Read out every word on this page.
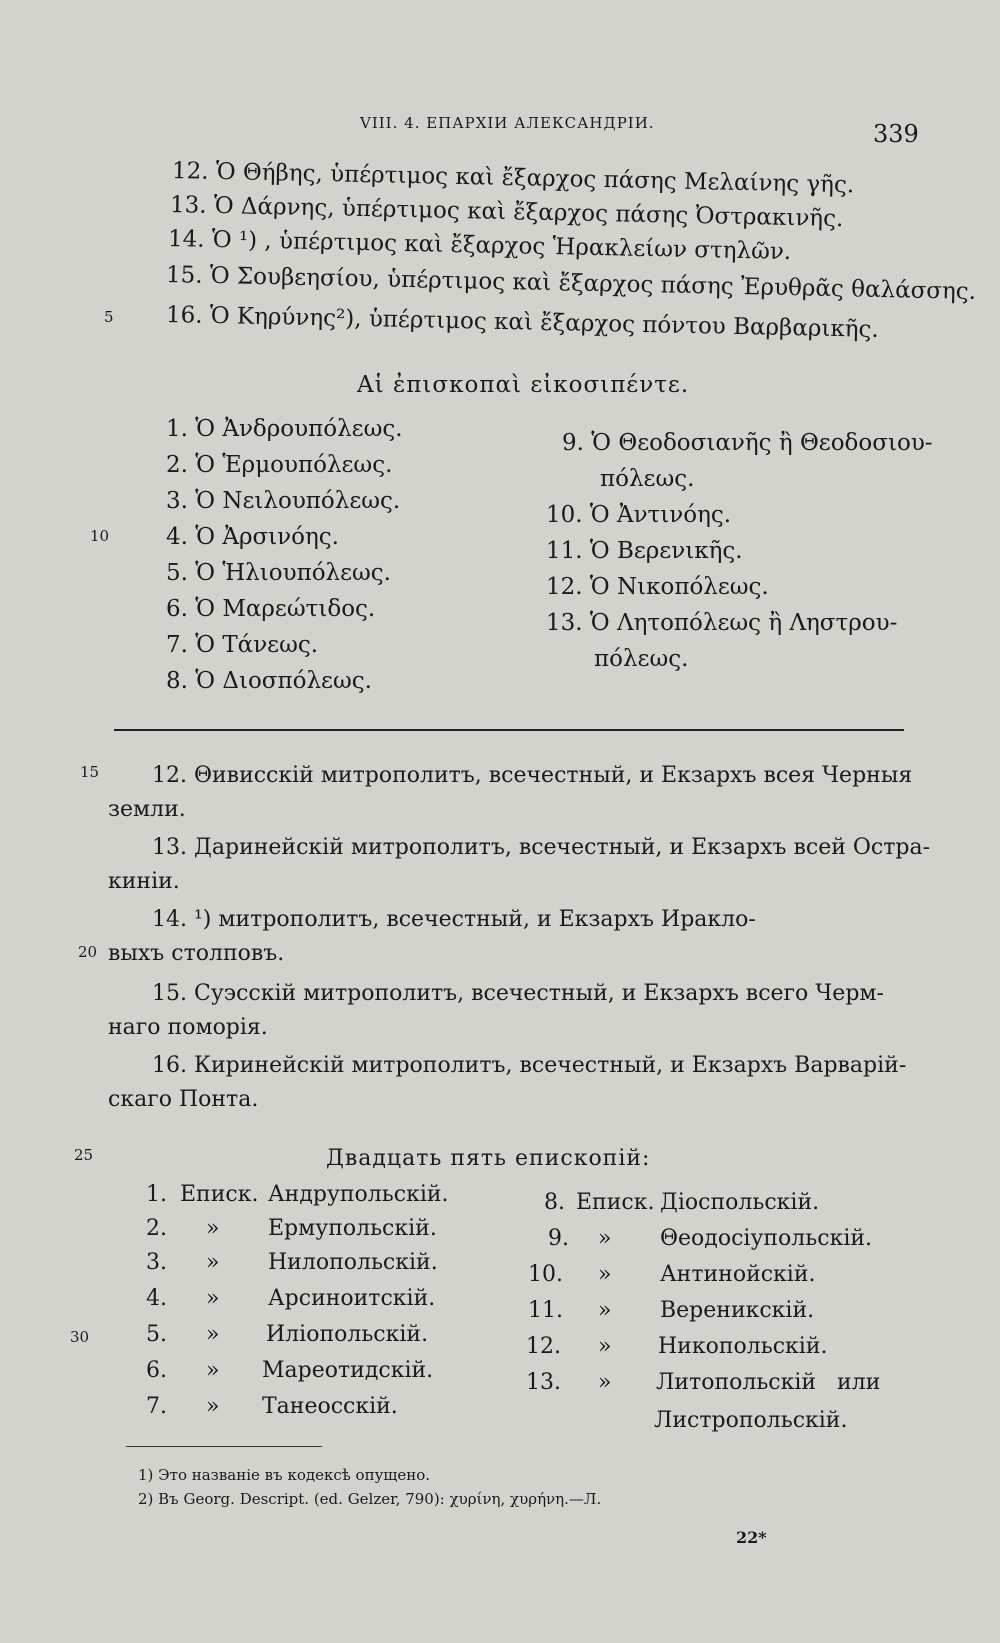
VIII. 4. ЕПАРХІИ АЛЕКСАНДРІИ.	339
5
10
15
20
25
30
12. Ὁ Θήβης, ὑπέρτιμος καὶ ἔξαρχος πάσης Μελαίνης γῆς.
13. Ὁ Δάρνης, ὑπέρτιμος καὶ ἔξαρχος πάσης Ὀστρακινῆς.
14. Ὁ ¹) , ὑπέρτιμος καὶ ἔξαρχος Ἡρακλείων στηλῶν.
15. Ὁ Σουβεησίου, ὑπέρτιμος καὶ ἔξαρχος πάσης Ἐρυθρᾶς θαλάσσης.
16. Ὁ Κηρύνης²), ὑπέρτιμος καὶ ἔξαρχος πόντου Βαρβαρικῆς.
Αἱ ἐπισκοπαὶ εἰκοσιπέντε.
1. Ὁ Ἀνδρουπόλεως.
2. Ὁ Ἑρμουπόλεως.
3. Ὁ Νειλουπόλεως.
4. Ὁ Ἀρσινόης.
5. Ὁ Ἡλιουπόλεως.
6. Ὁ Μαρεώτιδος.
7. Ὁ Τάνεως.
8. Ὁ Διοσπόλεως.
9. Ὁ Θεοδοσιανῆς ἢ Θεοδοσιου-
πόλεως.
10. Ὁ Ἀντινόης.
11. Ὁ Βερενικῆς.
12. Ὁ Νικοπόλεως.
13. Ὁ Λητοπόλεως ἢ Ληστρου-
πόλεως.
12. Θивисскій митрополитъ, всечестный, и Екзархъ всея Черныя
земли.
13. Даринейскій митрополитъ, всечестный, и Екзархъ всей Остра-
киніи.
14. ¹) митрополитъ, всечестный, и Екзархъ Ираклo-
выхъ столповъ.
15. Суэсскій митрополитъ, всечестный, и Екзархъ всего Черм-
наго поморія.
16. Киринейскій митрополитъ, всечестный, и Екзархъ Варварій-
скаго Понта.
Двадцать пять епископій:
1. Еписк. Андрупольскій.
2. » Ермупольскій.
3. » Нилопольскій.
4. » Арсиноитскій.
5. » Иліопольскій.
6. » Мареотидскій.
7. » Танеосскій.
8. Еписк. Діоспольскій.
9. » Θеодосіупольскій.
10. » Антинойскій.
11. » Вереникскій.
12. » Никопольскій.
13. » Литопольскій   или
Листропольскій.
1) Это названіе въ кодексѣ опущено.
2) Въ Georg. Descript. (ed. Gelzer, 790): χυρίνη, χυρήνη.—Л.
22*
